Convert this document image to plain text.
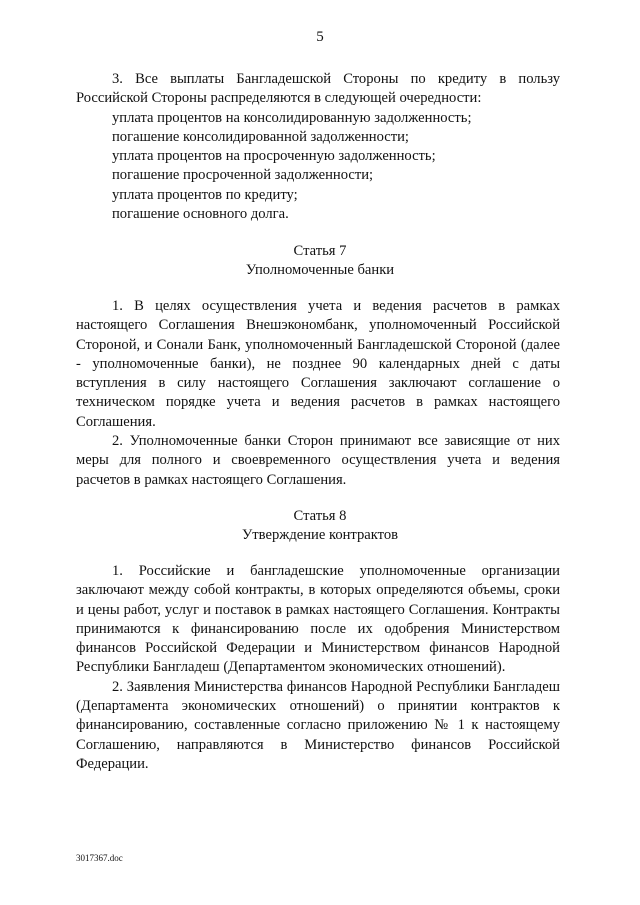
5

3. Все выплаты Бангладешской Стороны по кредиту в пользу Российской Стороны распределяются в следующей очередности:

уплата процентов на консолидированную задолженность;

погашение консолидированной задолженности;

уплата процентов на просроченную задолженность;

погашение просроченной задолженности;

уплата процентов по кредиту;

погашение основного долга.

Статья 7
Уполномоченные банки

1. В целях осуществления учета и ведения расчетов в рамках настоящего Соглашения Внешэкономбанк, уполномоченный Российской Стороной, и Сонали Банк, уполномоченный Бангладешской Стороной (далее - уполномоченные банки), не позднее 90 календарных дней с даты вступления в силу настоящего Соглашения заключают соглашение о техническом порядке учета и ведения расчетов в рамках настоящего Соглашения.

2. Уполномоченные банки Сторон принимают все зависящие от них меры для полного и своевременного осуществления учета и ведения расчетов в рамках настоящего Соглашения.

Статья 8
Утверждение контрактов

1. Российские и бангладешские уполномоченные организации заключают между собой контракты, в которых определяются объемы, сроки и цены работ, услуг и поставок в рамках настоящего Соглашения. Контракты принимаются к финансированию после их одобрения Министерством финансов Российской Федерации и Министерством финансов Народной Республики Бангладеш (Департаментом экономических отношений).

2. Заявления Министерства финансов Народной Республики Бангладеш (Департамента экономических отношений) о принятии контрактов к финансированию, составленные согласно приложению № 1 к настоящему Соглашению, направляются в Министерство финансов Российской Федерации.

3017367.doc
